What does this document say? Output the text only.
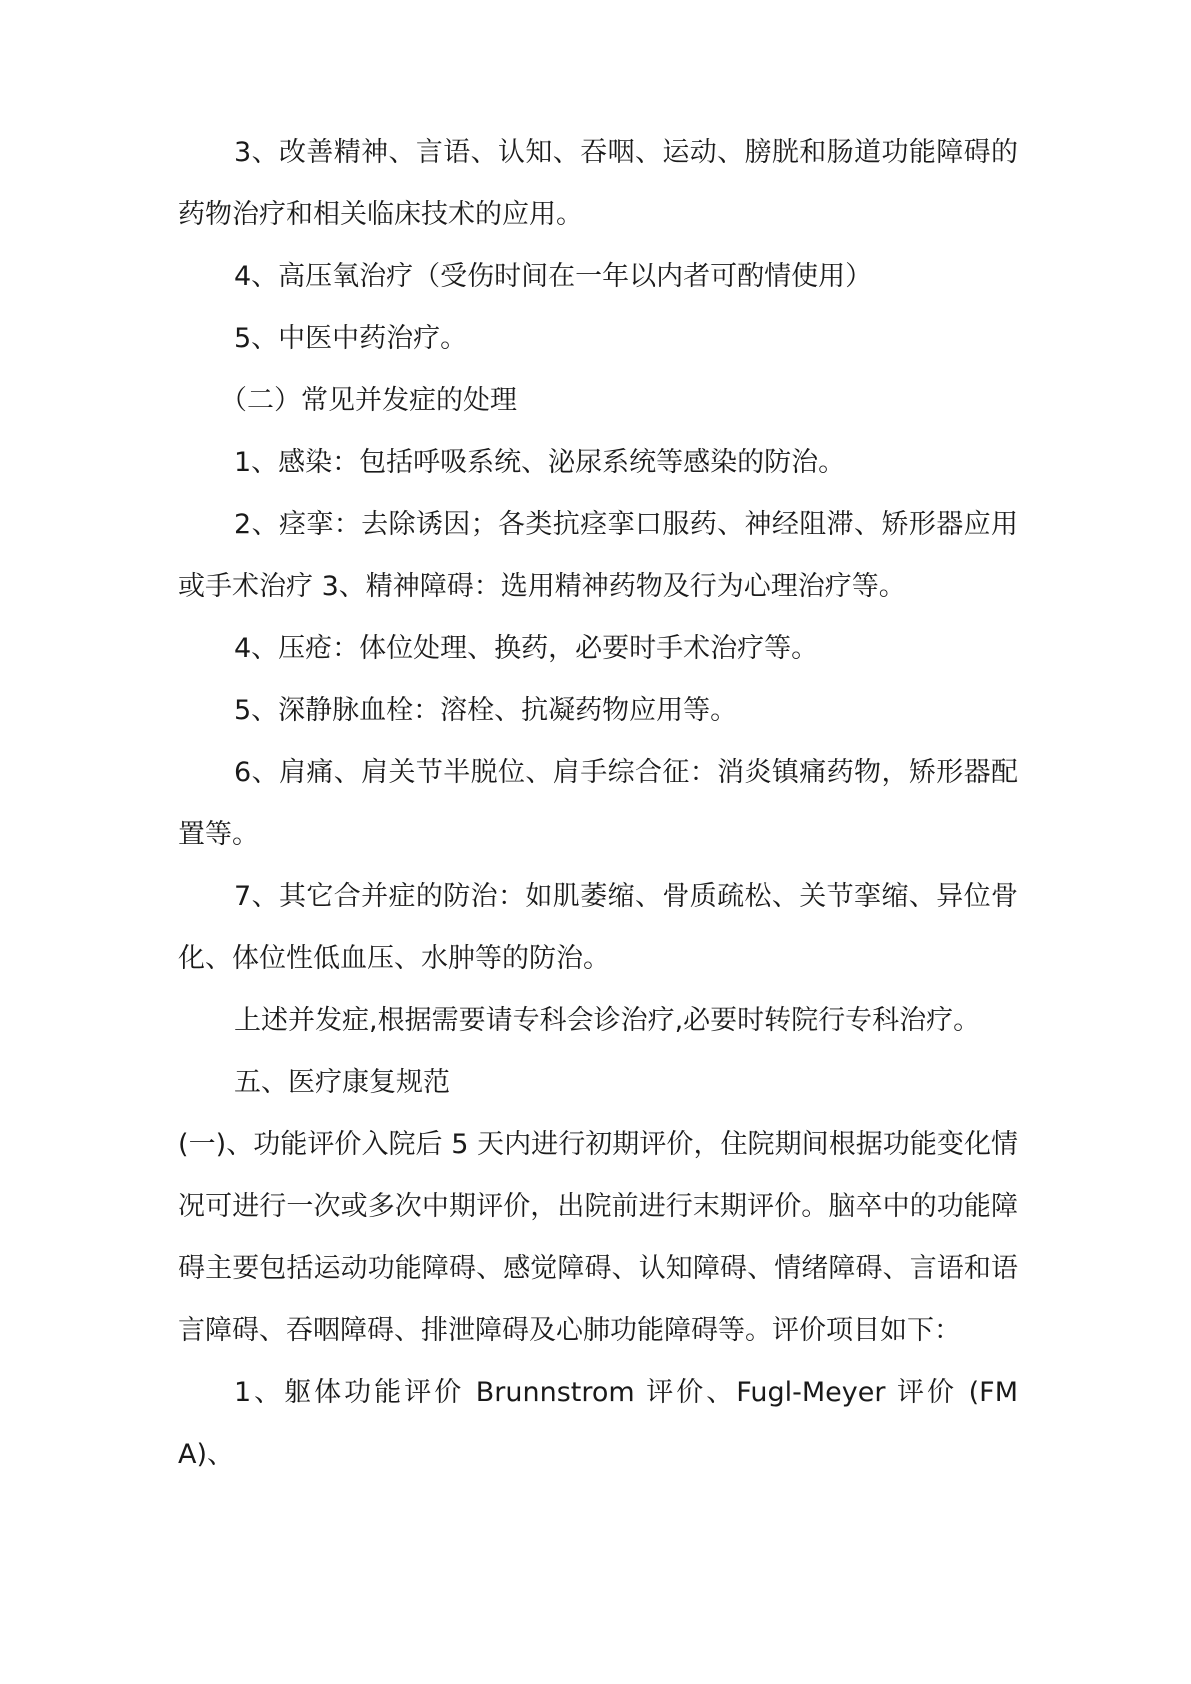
3、改善精神、言语、认知、吞咽、运动、膀胱和肠道功能障碍的药物治疗和相关临床技术的应用。

4、高压氧治疗（受伤时间在一年以内者可酌情使用）

5、中医中药治疗。

（二）常见并发症的处理

1、感染：包括呼吸系统、泌尿系统等感染的防治。

2、痉挛：去除诱因；各类抗痉挛口服药、神经阻滞、矫形器应用或手术治疗 3、精神障碍：选用精神药物及行为心理治疗等。

4、压疮：体位处理、换药，必要时手术治疗等。

5、深静脉血栓：溶栓、抗凝药物应用等。

6、肩痛、肩关节半脱位、肩手综合征：消炎镇痛药物，矫形器配置等。

7、其它合并症的防治：如肌萎缩、骨质疏松、关节挛缩、异位骨化、体位性低血压、水肿等的防治。

上述并发症,根据需要请专科会诊治疗,必要时转院行专科治疗。

五、医疗康复规范

(一)、功能评价入院后 5 天内进行初期评价，住院期间根据功能变化情况可进行一次或多次中期评价，出院前进行末期评价。脑卒中的功能障碍主要包括运动功能障碍、感觉障碍、认知障碍、情绪障碍、言语和语言障碍、吞咽障碍、排泄障碍及心肺功能障碍等。评价项目如下：

1、躯体功能评价 Brunnstrom 评价、Fugl-Meyer 评价 (FMA)、
